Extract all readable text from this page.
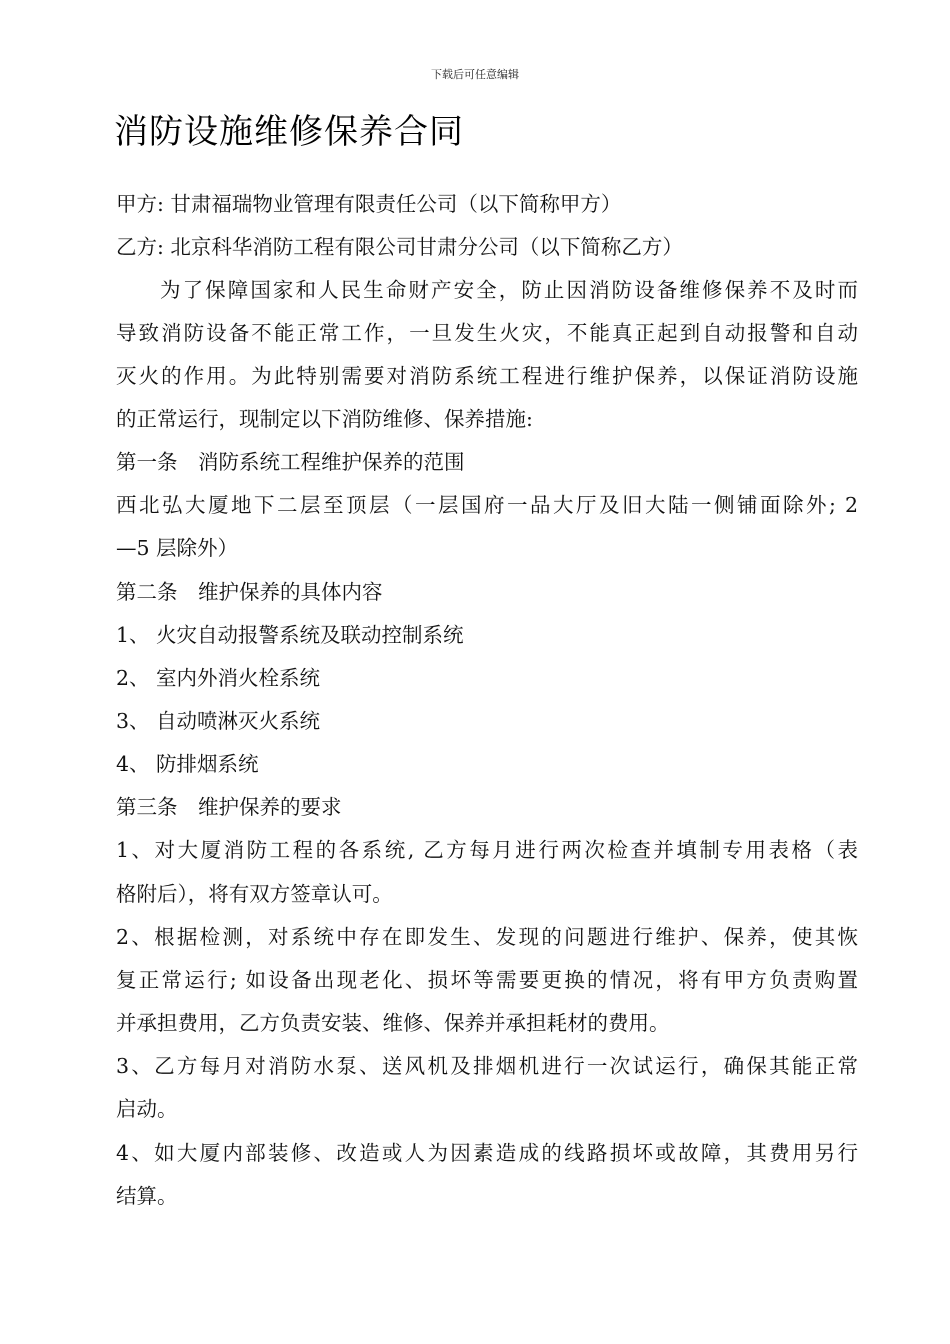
下载后可任意编辑
消防设施维修保养合同
甲方: 甘肃福瑞物业管理有限责任公司（以下简称甲方）
乙方: 北京科华消防工程有限公司甘肃分公司（以下简称乙方）
为了保障国家和人民生命财产安全，防止因消防设备维修保养不及时而
导致消防设备不能正常工作，一旦发生火灾，不能真正起到自动报警和自动
灭火的作用。为此特别需要对消防系统工程进行维护保养，以保证消防设施
的正常运行，现制定以下消防维修、保养措施:
第一条　消防系统工程维护保养的范围
西北弘大厦地下二层至顶层（一层国府一品大厅及旧大陆一侧铺面除外; 2
—5 层除外）
第二条　维护保养的具体内容
1、 火灾自动报警系统及联动控制系统
2、 室内外消火栓系统
3、 自动喷淋灭火系统
4、 防排烟系统
第三条　维护保养的要求
1、对大厦消防工程的各系统, 乙方每月进行两次检查并填制专用表格（表
格附后），将有双方签章认可。
2、根据检测，对系统中存在即发生、发现的问题进行维护、保养，使其恢
复正常运行; 如设备出现老化、损坏等需要更换的情况，将有甲方负责购置
并承担费用，乙方负责安装、维修、保养并承担耗材的费用。
3、乙方每月对消防水泵、送风机及排烟机进行一次试运行，确保其能正常
启动。
4、如大厦内部装修、改造或人为因素造成的线路损坏或故障，其费用另行
结算。
